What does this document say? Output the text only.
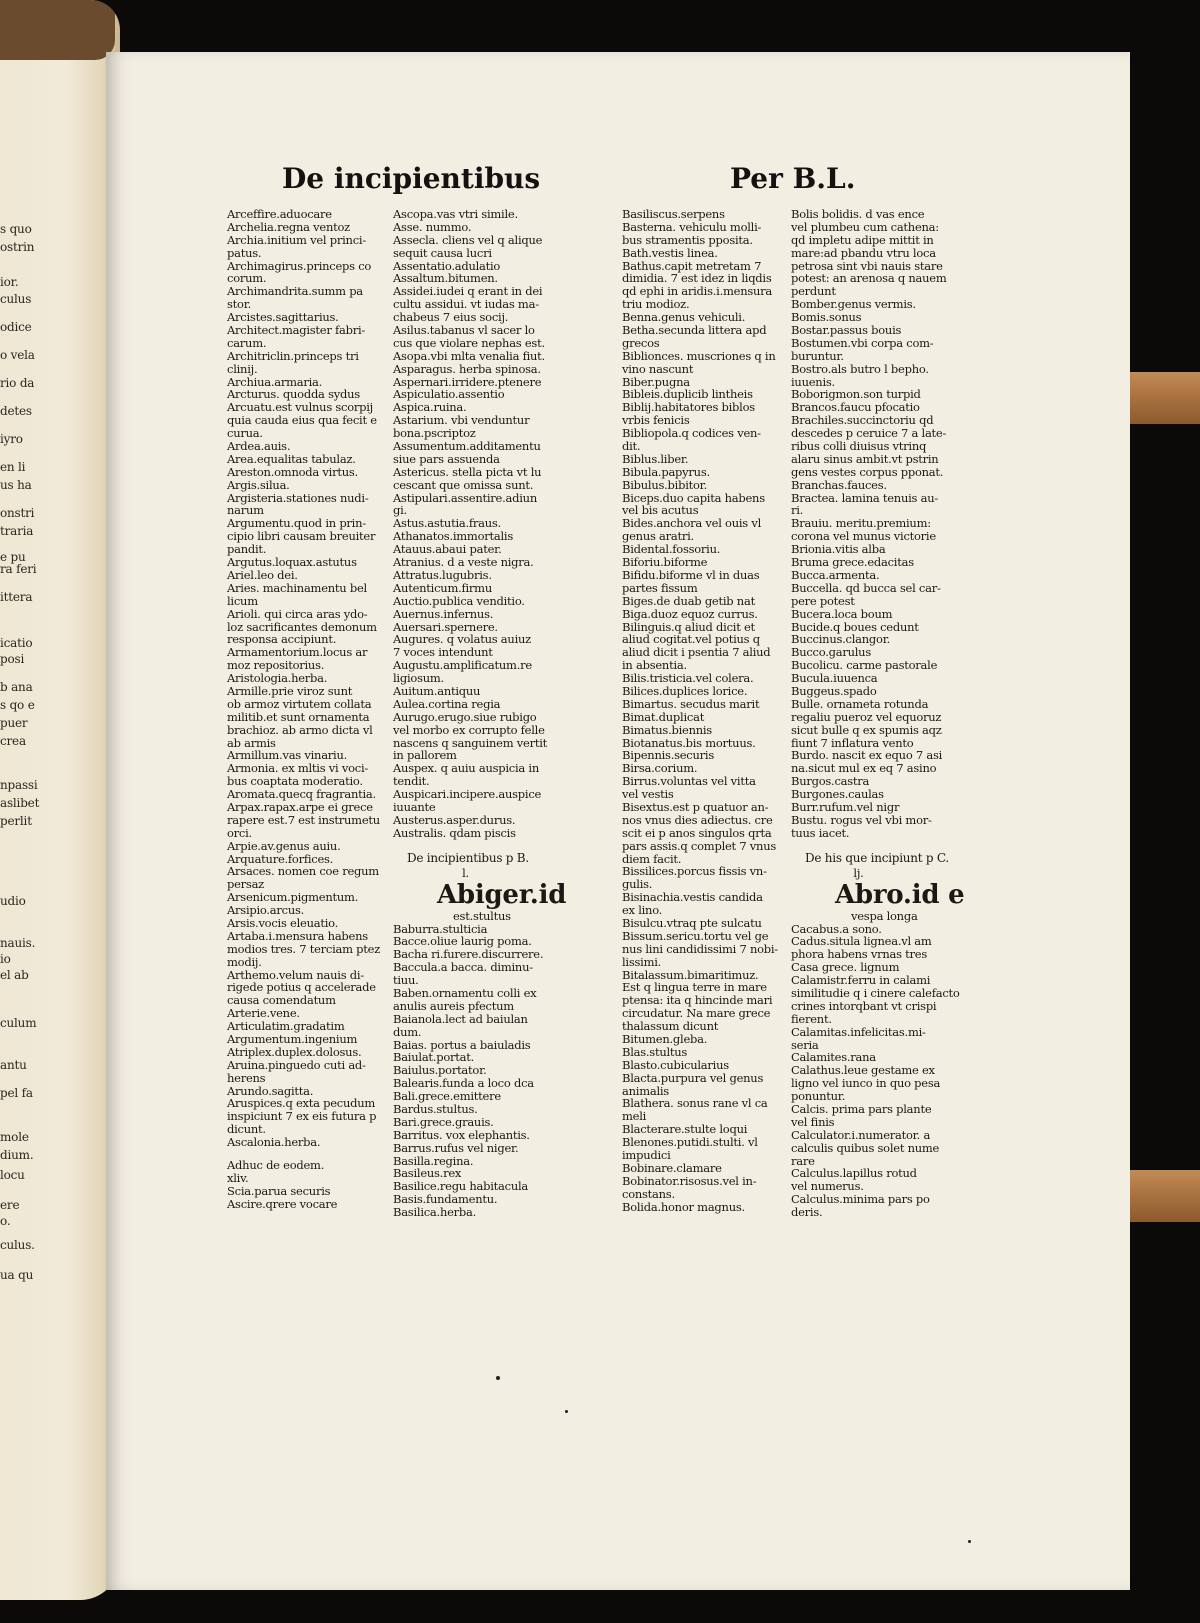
s quo
ostrin
ior.
culus
odice
o vela
rio da
detes
iyro
en li
us ha
onstri
traria
e pu
ra feri
ittera
icatio
posi
b ana
s qo e
puer
crea
npassi
aslibet
perlit
udio
nauis.
io
el ab
culum
antu
pel fa
mole
dium.
locu
ere
o.
culus.
ua qu
De incipientibus	Per B.L.
Arceffire.aduocare
Archelia.regna ventoz
Archia.initium vel princi-
patus.
Archimagirus.princeps co
corum.
Archimandrita.summ pa
stor.
Arcistes.sagittarius.
Architect.magister fabri-
carum.
Architriclin.princeps tri
clinij.
Archiua.armaria.
Arcturus. quodda sydus
Arcuatu.est vulnus scorpij
quia cauda eius qua fecit e
curua.
Ardea.auis.
Area.equalitas tabulaz.
Areston.omnoda virtus.
Argis.silua.
Argisteria.stationes nudi-
narum
Argumentu.quod in prin-
cipio libri causam breuiter
pandit.
Argutus.loquax.astutus
Ariel.leo dei.
Aries. machinamentu bel
licum
Arioli. qui circa aras ydo-
loz sacrificantes demonum
responsa accipiunt.
Armamentorium.locus ar
moz repositorius.
Aristologia.herba.
Armille.prie viroz sunt
ob armoz virtutem collata
militib.et sunt ornamenta
brachioz. ab armo dicta vl
ab armis
Armillum.vas vinariu.
Armonia. ex mltis vi voci-
bus coaptata moderatio.
Aromata.quecq fragrantia.
Arpax.rapax.arpe ei grece
rapere est.7 est instrumetu
orci.
Arpie.av.genus auiu.
Arquature.forfices.
Arsaces. nomen coe regum
persaz
Arsenicum.pigmentum.
Arsipio.arcus.
Arsis.vocis eleuatio.
Artaba.i.mensura habens
modios tres. 7 terciam ptez
modij.
Arthemo.velum nauis di-
rigede potius q accelerade
causa comendatum
Arterie.vene.
Articulatim.gradatim
Argumentum.ingenium
Atriplex.duplex.dolosus.
Aruina.pinguedo cuti ad-
herens
Arundo.sagitta.
Aruspices.q exta pecudum
inspiciunt 7 ex eis futura p
dicunt.
Ascalonia.herba.
Adhuc de eodem.
xliv.
Scia.parua securis
Ascire.qrere vocare
Ascopa.vas vtri simile.
Asse. nummo.
Assecla. cliens vel q alique
sequit causa lucri
Assentatio.adulatio
Assaltum.bitumen.
Assidei.iudei q erant in dei
cultu assidui. vt iudas ma-
chabeus 7 eius socij.
Asilus.tabanus vl sacer lo
cus que violare nephas est.
Asopa.vbi mlta venalia fiut.
Asparagus. herba spinosa.
Aspernari.irridere.ptenere
Aspiculatio.assentio
Aspica.ruina.
Astarium. vbi venduntur
bona.pscriptoz
Assumentum.additamentu
siue pars assuenda
Astericus. stella picta vt lu
cescant que omissa sunt.
Astipulari.assentire.adiun
gi.
Astus.astutia.fraus.
Athanatos.immortalis
Atauus.abaui pater.
Atranius. d a veste nigra.
Attratus.lugubris.
Autenticum.firmu
Auctio.publica venditio.
Auernus.infernus.
Auersari.spernere.
Augures. q volatus auiuz
7 voces intendunt
Augustu.amplificatum.re
ligiosum.
Auitum.antiquu
Aulea.cortina regia
Aurugo.erugo.siue rubigo
vel morbo ex corrupto felle
nascens q sanguinem vertit
in pallorem
Auspex. q auiu auspicia in
tendit.
Auspicari.incipere.auspice
iuuante
Austerus.asper.durus.
Australis. qdam piscis
De incipientibus p B.
l.
Abiger.id
est.stultus
Baburra.stulticia
Bacce.oliue laurig poma.
Bacha ri.furere.discurrere.
Baccula.a bacca. diminu-
tiuu.
Baben.ornamentu colli ex
anulis aureis pfectum
Baianola.lect ad baiulan
dum.
Baias. portus a baiuladis
Baiulat.portat.
Baiulus.portator.
Balearis.funda a loco dca
Bali.grece.emittere
Bardus.stultus.
Bari.grece.grauis.
Barritus. vox elephantis.
Barrus.rufus vel niger.
Basilla.regina.
Basileus.rex
Basilice.regu habitacula
Basis.fundamentu.
Basilica.herba.
Basiliscus.serpens
Basterna. vehiculu molli-
bus stramentis pposita.
Bath.vestis linea.
Bathus.capit metretam 7
dimidia. 7 est idez in liqdis
qd ephi in aridis.i.mensura
triu modioz.
Benna.genus vehiculi.
Betha.secunda littera apd
grecos
Biblionces. muscriones q in
vino nascunt
Biber.pugna
Bibleis.duplicib lintheis
Biblij.habitatores biblos
vrbis fenicis
Bibliopola.q codices ven-
dit.
Biblus.liber.
Bibula.papyrus.
Bibulus.bibitor.
Biceps.duo capita habens
vel bis acutus
Bides.anchora vel ouis vl
genus aratri.
Bidental.fossoriu.
Biforiu.biforme
Bifidu.biforme vl in duas
partes fissum
Biges.de duab getib nat
Biga.duoz equoz currus.
Bilinguis.q aliud dicit et
aliud cogitat.vel potius q
aliud dicit i psentia 7 aliud
in absentia.
Bilis.tristicia.vel colera.
Bilices.duplices lorice.
Bimartus. secudus marit
Bimat.duplicat
Bimatus.biennis
Biotanatus.bis mortuus.
Bipennis.securis
Birsa.corium.
Birrus.voluntas vel vitta
vel vestis
Bisextus.est p quatuor an-
nos vnus dies adiectus. cre
scit ei p anos singulos qrta
pars assis.q complet 7 vnus
diem facit.
Bissilices.porcus fissis vn-
gulis.
Bisinachia.vestis candida
ex lino.
Bisulcu.vtraq pte sulcatu
Bissum.sericu.tortu vel ge
nus lini candidissimi 7 nobi-
lissimi.
Bitalassum.bimaritimuz.
Est q lingua terre in mare
ptensa: ita q hincinde mari
circudatur. Na mare grece
thalassum dicunt
Bitumen.gleba.
Blas.stultus
Blasto.cubicularius
Blacta.purpura vel genus
animalis
Blathera. sonus rane vl ca
meli
Blacterare.stulte loqui
Blenones.putidi.stulti. vl
impudici
Bobinare.clamare
Bobinator.risosus.vel in-
constans.
Bolida.honor magnus.
Bolis bolidis. d vas ence
vel plumbeu cum cathena:
qd impletu adipe mittit in
mare:ad pbandu vtru loca
petrosa sint vbi nauis stare
potest: an arenosa q nauem
perdunt
Bomber.genus vermis.
Bomis.sonus
Bostar.passus bouis
Bostumen.vbi corpa com-
buruntur.
Bostro.als butro l bepho.
iuuenis.
Boborigmon.son turpid
Brancos.faucu pfocatio
Brachiles.succinctoriu qd
descedes p ceruice 7 a late-
ribus colli diuisus vtrinq
alaru sinus ambit.vt pstrin
gens vestes corpus pponat.
Branchas.fauces.
Bractea. lamina tenuis au-
ri.
Brauiu. meritu.premium:
corona vel munus victorie
Brionia.vitis alba
Bruma grece.edacitas
Bucca.armenta.
Buccella. qd bucca sel car-
pere potest
Bucera.loca boum
Bucide.q boues cedunt
Buccinus.clangor.
Bucco.garulus
Bucolicu. carme pastorale
Bucula.iuuenca
Buggeus.spado
Bulle. ornameta rotunda
regaliu pueroz vel equoruz
sicut bulle q ex spumis aqz
fiunt 7 inflatura vento
Burdo. nascit ex equo 7 asi
na.sicut mul ex eq 7 asino
Burgos.castra
Burgones.caulas
Burr.rufum.vel nigr
Bustu. rogus vel vbi mor-
tuus iacet.
De his que incipiunt p C.
lj.
Abro.id e
vespa longa
Cacabus.a sono.
Cadus.situla lignea.vl am
phora habens vrnas tres
Casa grece. lignum
Calamistr.ferru in calami
similitudie q i cinere calefacto
crines intorqbant vt crispi
fierent.
Calamitas.infelicitas.mi-
seria
Calamites.rana
Calathus.leue gestame ex
ligno vel iunco in quo pesa
ponuntur.
Calcis. prima pars plante
vel finis
Calculator.i.numerator. a
calculis quibus solet nume
rare
Calculus.lapillus rotud
vel numerus.
Calculus.minima pars po
deris.
